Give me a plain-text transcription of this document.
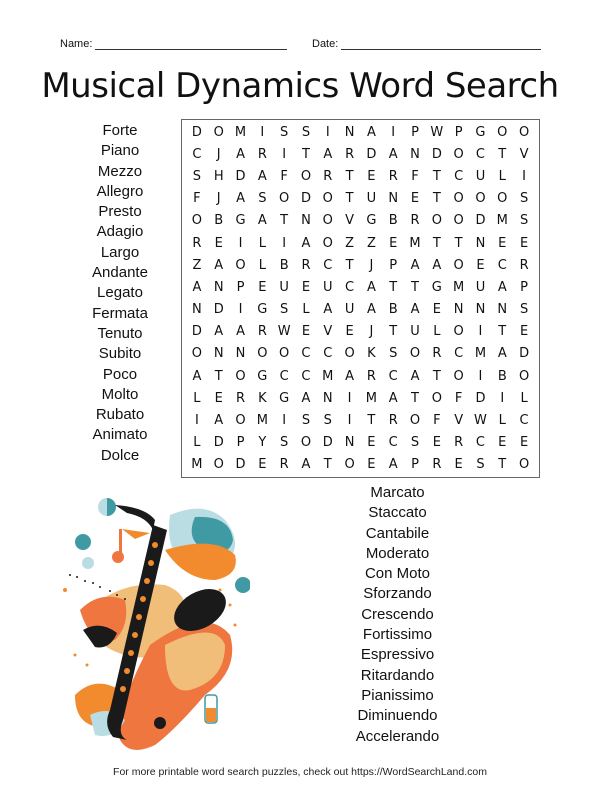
Name:	Date:
Musical Dynamics Word Search
Forte
Piano
Mezzo
Allegro
Presto
Adagio
Largo
Andante
Legato
Fermata
Tenuto
Subito
Poco
Molto
Rubato
Animato
Dolce
D O M	I	S	S	I	N A	I	P W P G O O
C	J	A R	I	T	A R D A N D O C	T	V
S H D A	F O R	T	E	R	F	T	C U	L	I
F	J	A	S O D O T	U N E	T O O O S
O B G A	T N O V G B R O O D M S
R	E	I	L	I	A O Z Z	E M T	T N E	E
Z A O	L	B R C	T	J	P	A A O E	C R
A N	P	E U E U C A	T	T G M U A	P
N D	I	G S	L	A U A B A	E N N N S
D A A R W E	V	E	J	T	U	L	O	I	T	E
O N N O O C C O K	S O R C M A D
A	T O G C C M A R C A	T O	I	B O
L	E	R	K G A N	I	M A	T O F	D	I	L
I	A O M	I	S	S	I	T	R O F	V W L	C
L	D P	Y	S O D N E	C	S	E	R C	E	E
M O D E	R A	T O E	A	P	R	E	S	T O
Marcato
Staccato
Cantabile
Moderato
Con Moto
Sforzando
Crescendo
Fortissimo
Espressivo
Ritardando
Pianissimo
Diminuendo
Accelerando
For more printable word search puzzles, check out https://WordSearchLand.com
